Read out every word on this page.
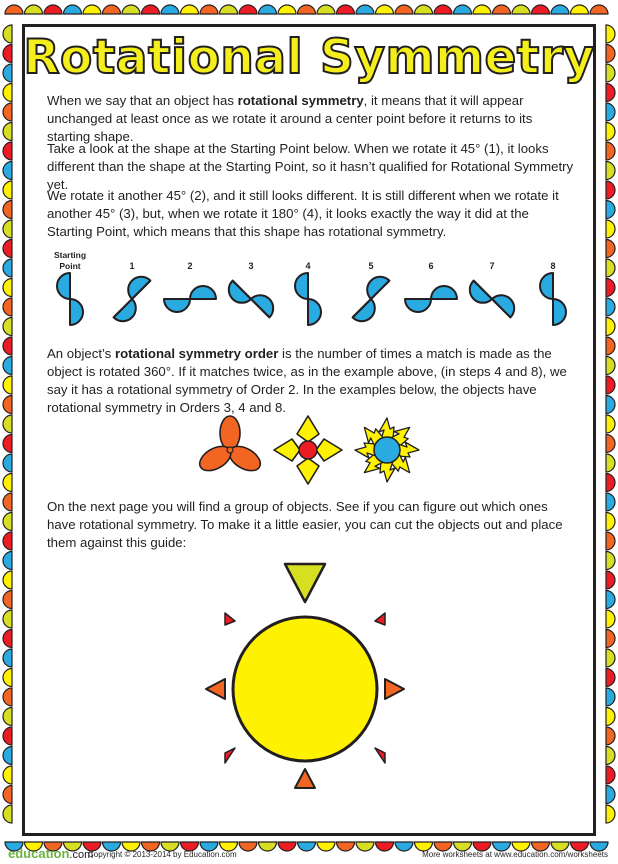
Rotational Symmetry

When we say that an object has rotational symmetry, it means that it will appear unchanged at least once as we rotate it around a center point before it returns to its starting shape.

Take a look at the shape at the Starting Point below. When we rotate it 45° (1), it looks different than the shape at the Starting Point, so it hasn’t qualified for Rotational Symmetry yet.

We rotate it another 45° (2), and it still looks different. It is still different when we rotate it another 45° (3), but, when we rotate it 180° (4), it looks exactly the way it did at the Starting Point, which means that this shape has rotational symmetry.

Starting
Point	1	2	3	4	5	6	7	8

An object’s rotational symmetry order is the number of times a match is made as the object is rotated 360°. If it matches twice, as in the example above, (in steps 4 and 8), we say it has a rotational symmetry of Order 2. In the examples below, the objects have rotational symmetry in Orders 3, 4 and 8.

On the next page you will find a group of objects. See if you can figure out which ones have rotational symmetry. To make it a little easier, you can cut the objects out and place them against this guide:

education.com
Copyright © 2013-2014 by Education.com	More worksheets at www.education.com/worksheets
